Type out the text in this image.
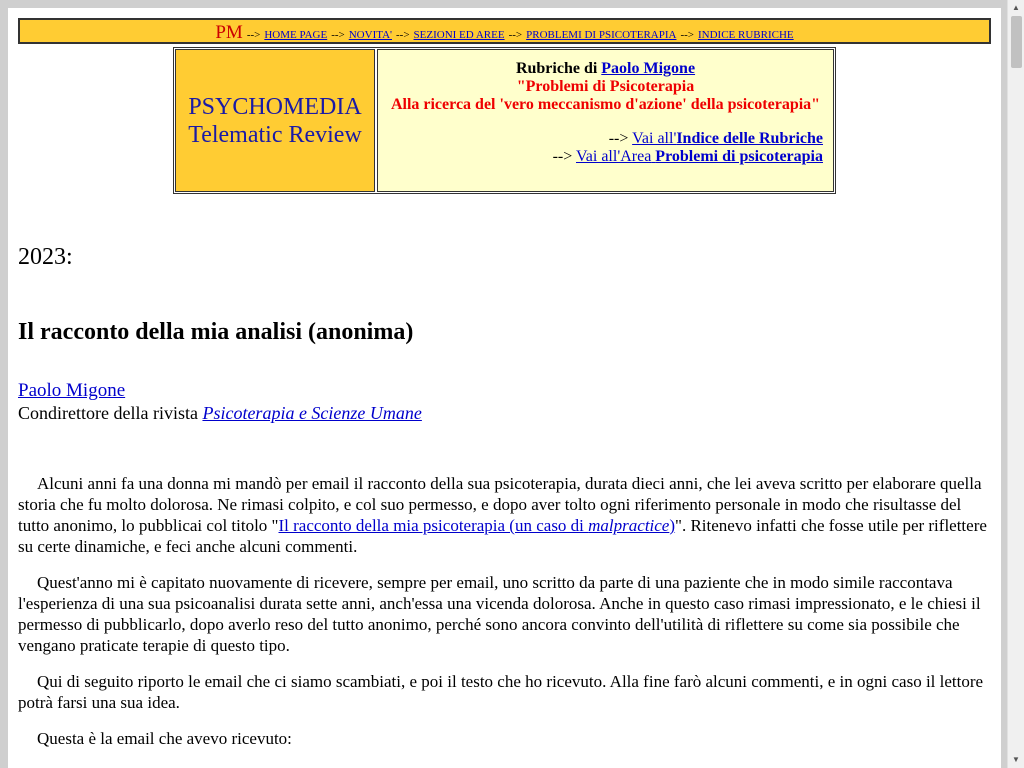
PM --> HOME PAGE --> NOVITA' --> SEZIONI ED AREE --> PROBLEMI DI PSICOTERAPIA --> INDICE RUBRICHE
PSYCHOMEDIA
Telematic Review
Rubriche di Paolo Migone
"Problemi di Psicoterapia
Alla ricerca del 'vero meccanismo d'azione' della psicoterapia"
--> Vai all'Indice delle Rubriche
--> Vai all'Area Problemi di psicoterapia
2023:
Il racconto della mia analisi (anonima)
Paolo Migone
Condirettore della rivista Psicoterapia e Scienze Umane

Alcuni anni fa una donna mi mandò per email il racconto della sua psicoterapia, durata dieci anni, che lei aveva scritto per elaborare quella storia che fu molto dolorosa. Ne rimasi colpito, e col suo permesso, e dopo aver tolto ogni riferimento personale in modo che risultasse del tutto anonimo, lo pubblicai col titolo "Il racconto della mia psicoterapia (un caso di malpractice)". Ritenevo infatti che fosse utile per riflettere su certe dinamiche, e feci anche alcuni commenti.

Quest'anno mi è capitato nuovamente di ricevere, sempre per email, uno scritto da parte di una paziente che in modo simile raccontava l'esperienza di una sua psicoanalisi durata sette anni, anch'essa una vicenda dolorosa. Anche in questo caso rimasi impressionato, e le chiesi il permesso di pubblicarlo, dopo averlo reso del tutto anonimo, perché sono ancora convinto dell'utilità di riflettere su come sia possibile che vengano praticate terapie di questo tipo.

Qui di seguito riporto le email che ci siamo scambiati, e poi il testo che ho ricevuto. Alla fine farò alcuni commenti, e in ogni caso il lettore potrà farsi una sua idea.

Questa è la email che avevo ricevuto:

▲
▼
